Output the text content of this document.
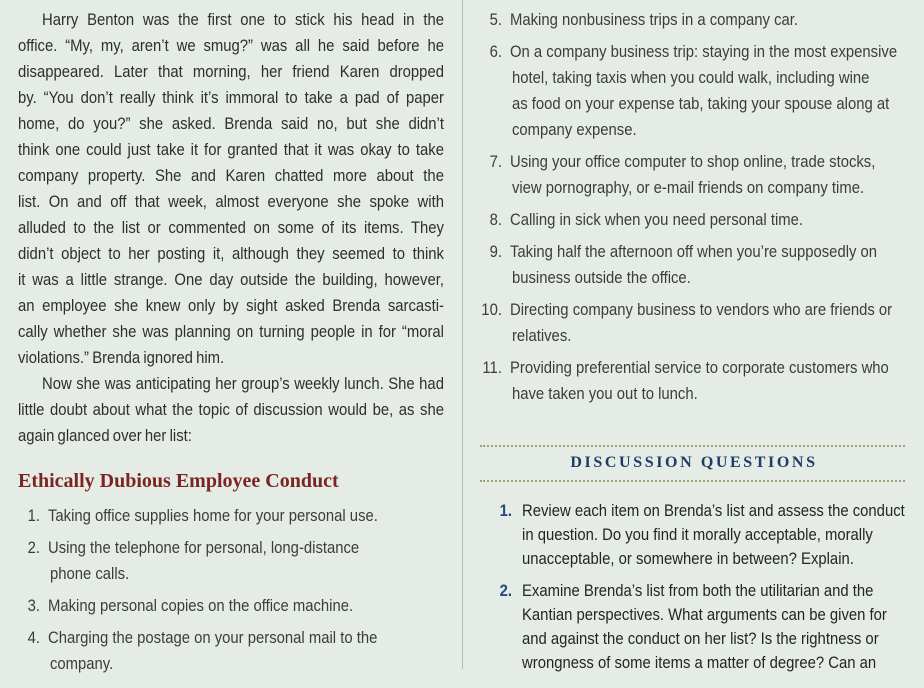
Harry Benton was the first one to stick his head in the
office. “My, my, aren’t we smug?” was all he said before he
disappeared. Later that morning, her friend Karen dropped
by. “You don’t really think it’s immoral to take a pad of paper
home, do you?” she asked. Brenda said no, but she didn’t
think one could just take it for granted that it was okay to take
company property. She and Karen chatted more about the
list. On and off that week, almost everyone she spoke with
alluded to the list or commented on some of its items. They
didn’t object to her posting it, although they seemed to think
it was a little strange. One day outside the building, however,
an employee she knew only by sight asked Brenda sarcasti-
cally whether she was planning on turning people in for “moral
violations.” Brenda ignored him.

Now she was anticipating her group’s weekly lunch. She had
little doubt about what the topic of discussion would be, as she
again glanced over her list:

Ethically Dubious Employee Conduct
1. Taking office supplies home for your personal use.
2. Using the telephone for personal, long-distance
phone calls.
3. Making personal copies on the office machine.
4. Charging the postage on your personal mail to the
company.
5. Making nonbusiness trips in a company car.
6. On a company business trip: staying in the most expensive
hotel, taking taxis when you could walk, including wine
as food on your expense tab, taking your spouse along at
company expense.
7. Using your office computer to shop online, trade stocks,
view pornography, or e-mail friends on company time.
8. Calling in sick when you need personal time.
9. Taking half the afternoon off when you’re supposedly on
business outside the office.
10. Directing company business to vendors who are friends or
relatives.
11. Providing preferential service to corporate customers who
have taken you out to lunch.
DISCUSSION QUESTIONS
1. Review each item on Brenda’s list and assess the conduct
in question. Do you find it morally acceptable, morally
unacceptable, or somewhere in between? Explain.
2. Examine Brenda’s list from both the utilitarian and the
Kantian perspectives. What arguments can be given for
and against the conduct on her list? Is the rightness or
wrongness of some items a matter of degree? Can an
